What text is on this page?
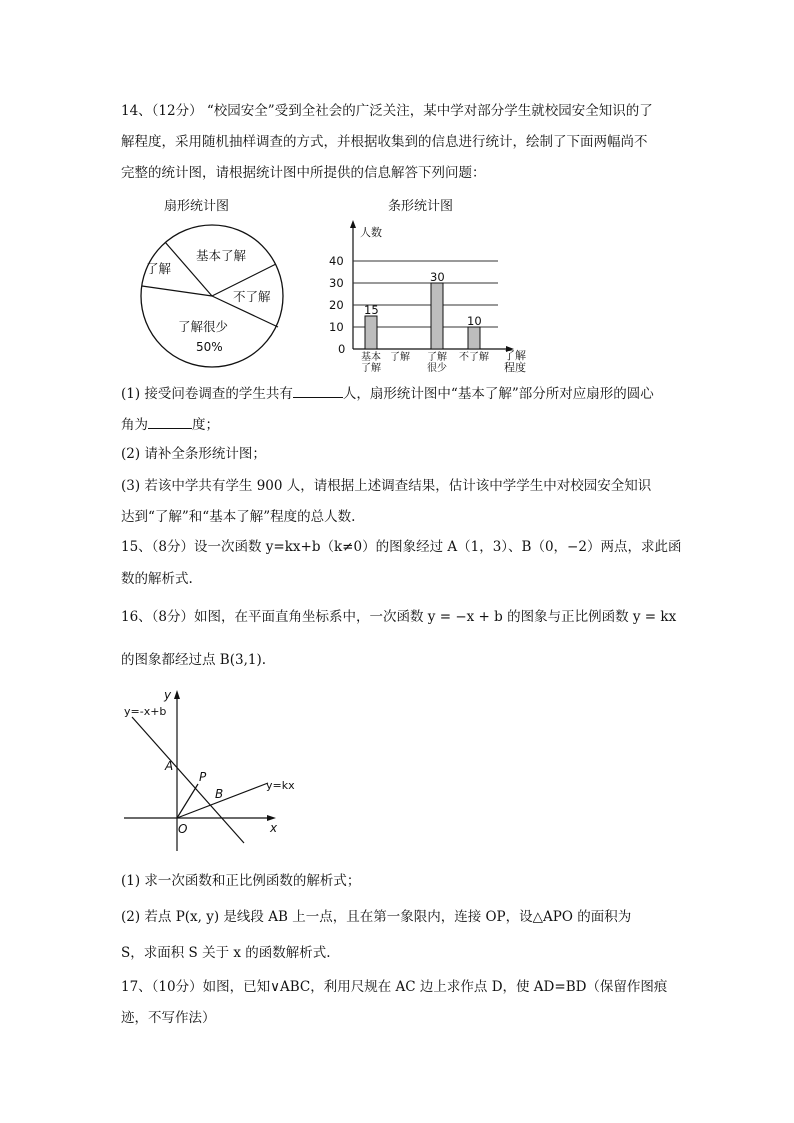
14、（12分） “校园安全”受到全社会的广泛关注，某中学对部分学生就校园安全知识的了
解程度，采用随机抽样调查的方式，并根据收集到的信息进行统计，绘制了下面两幅尚不
完整的统计图，请根据统计图中所提供的信息解答下列问题：
扇形统计图	条形统计图
基本了解
了解
不了解
了解很少
50%
人数
了解
程度
0
10
20
30
40
15
30
10
基本
了解
了解 了解
很少
不了解
(1) 接受问卷调查的学生共有	人，扇形统计图中“基本了解”部分所对应扇形的圆心
角为	度；
(2) 请补全条形统计图；
(3) 若该中学共有学生 900 人，请根据上述调查结果，估计该中学学生中对校园安全知识
达到“了解”和“基本了解”程度的总人数.
15、（8分）设一次函数 y=kx+b（k≠0）的图象经过 A（1，3）、B（0，−2）两点，求此函
数的解析式.
16、（8分）如图，在平面直角坐标系中，一次函数 y = −x + b 的图象与正比例函数 y = kx
的图象都经过点 B(3,1).
y=-x+b
y=kx
y
x
O
A
P
B
(1) 求一次函数和正比例函数的解析式；
(2) 若点 P(x, y) 是线段 AB 上一点，且在第一象限内，连接 OP，设△APO 的面积为
S，求面积 S 关于 x 的函数解析式.
17、（10分）如图，已知∨ABC，利用尺规在 AC 边上求作点 D，使 AD=BD（保留作图痕
迹，不写作法）
